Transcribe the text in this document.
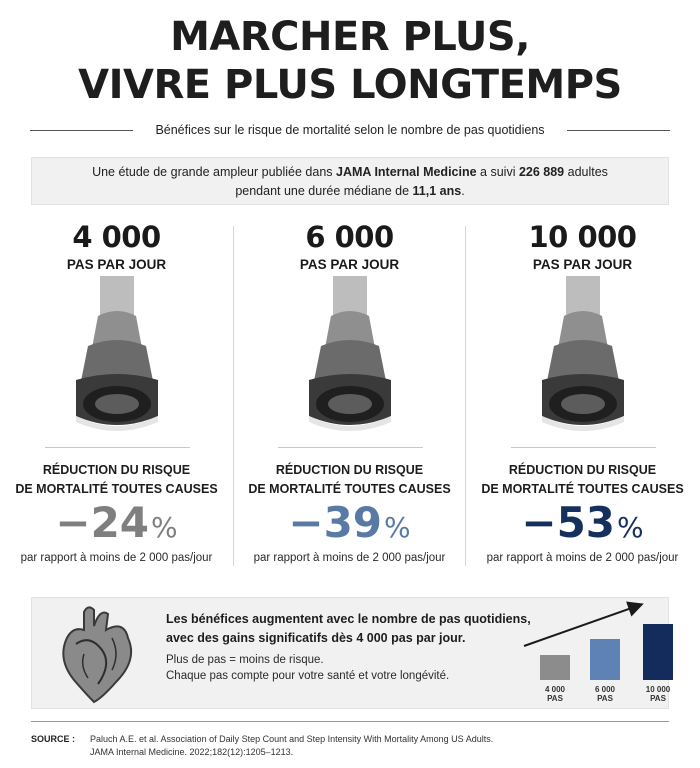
MARCHER PLUS,
VIVRE PLUS LONGTEMPS
Bénéfices sur le risque de mortalité selon le nombre de pas quotidiens
Une étude de grande ampleur publiée dans JAMA Internal Medicine a suivi 226 889 adultes
pendant une durée médiane de 11,1 ans.
4 000
PAS PAR JOUR
RÉDUCTION DU RISQUE
DE MORTALITÉ TOUTES CAUSES
−24%
par rapport à moins de 2 000 pas/jour
6 000
PAS PAR JOUR
RÉDUCTION DU RISQUE
DE MORTALITÉ TOUTES CAUSES
−39%
par rapport à moins de 2 000 pas/jour
10 000
PAS PAR JOUR
RÉDUCTION DU RISQUE
DE MORTALITÉ TOUTES CAUSES
−53%
par rapport à moins de 2 000 pas/jour
Les bénéfices augmentent avec le nombre de pas quotidiens,
avec des gains significatifs dès 4 000 pas par jour.
Plus de pas = moins de risque.
Chaque pas compte pour votre santé et votre longévité.
4 000
PAS
6 000
PAS
10 000
PAS
SOURCE : Paluch A.E. et al. Association of Daily Step Count and Step Intensity With Mortality Among US Adults.
JAMA Internal Medicine. 2022;182(12):1205–1213.
